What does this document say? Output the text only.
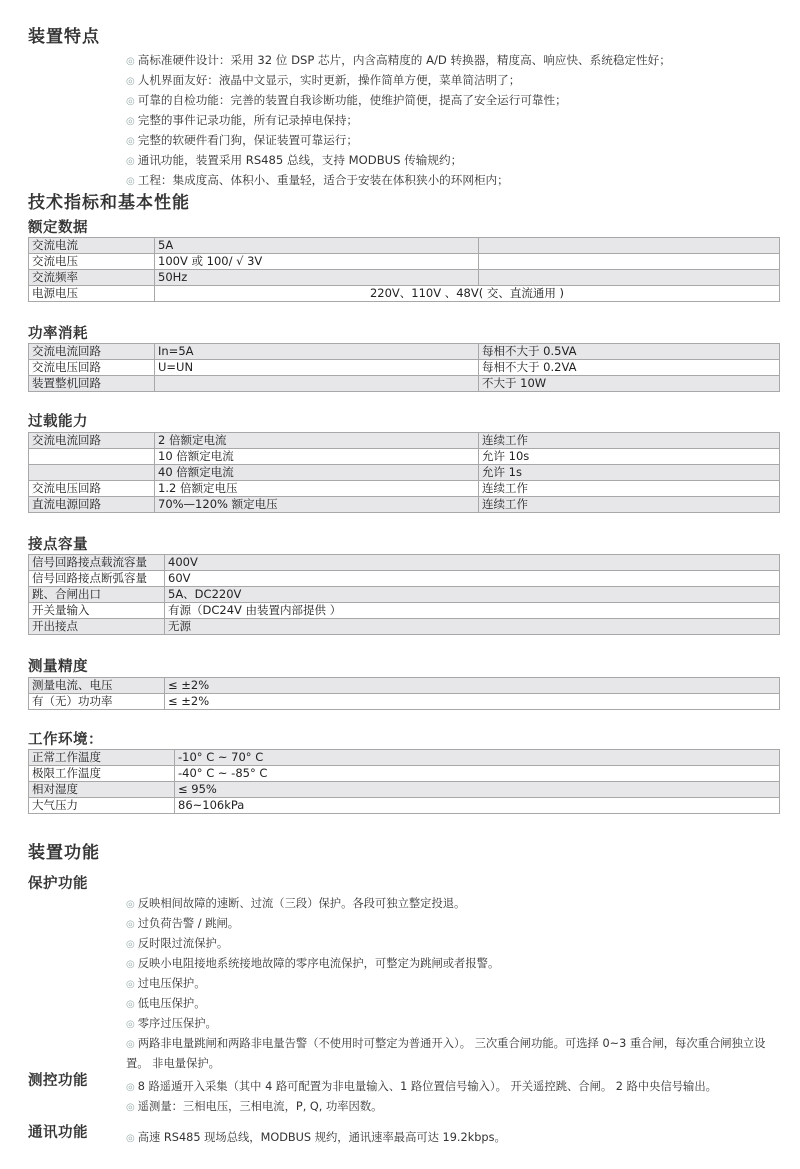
装置特点
◎ 高标准硬件设计：采用 32 位 DSP 芯片，内含高精度的 A/D 转换器，精度高、响应快、系统稳定性好；
◎ 人机界面友好：液晶中文显示，实时更新，操作简单方便，菜单简洁明了；
◎ 可靠的自检功能：完善的装置自我诊断功能，使维护简便，提高了安全运行可靠性；
◎ 完整的事件记录功能，所有记录掉电保持；
◎ 完整的软硬件看门狗，保证装置可靠运行；
◎ 通讯功能，装置采用 RS485 总线，支持 MODBUS 传输规约；
◎ 工程：集成度高、体积小、重量轻，适合于安装在体积狭小的环网柜内；
技术指标和基本性能
额定数据
交流电流	5A	
交流电压	100V 或 100/ √ 3V	
交流频率	50Hz	
电源电压	220V、110V 、48V( 交、直流通用 )	
功率消耗
交流电流回路	In=5A	每相不大于 0.5VA
交流电压回路	U=UN	每相不大于 0.2VA
装置整机回路		不大于 10W
过载能力
交流电流回路	2 倍额定电流	连续工作
	10 倍额定电流	允许 10s
	40 倍额定电流	允许 1s
交流电压回路	1.2 倍额定电压	连续工作
直流电源回路	70%—120% 额定电压	连续工作
接点容量
信号回路接点载流容量	400V
信号回路接点断弧容量	60V
跳、合闸出口	5A、DC220V
开关量输入	有源（DC24V 由装置内部提供 ）
开出接点	无源
测量精度
测量电流、电压	≤ ±2%
有（无）功功率	≤ ±2%
工作环境：
正常工作温度	-10° C ~ 70° C
极限工作温度	-40° C ~ -85° C
相对湿度	≤ 95%
大气压力	86~106kPa
装置功能
保护功能
◎ 反映相间故障的速断、过流（三段）保护。各段可独立整定投退。
◎ 过负荷告警 / 跳闸。
◎ 反时限过流保护。
◎ 反映小电阻接地系统接地故障的零序电流保护，可整定为跳闸或者报警。
◎ 过电压保护。
◎ 低电压保护。
◎ 零序过压保护。
◎ 两路非电量跳闸和两路非电量告警（不使用时可整定为普通开入）。 三次重合闸功能。可选择 0~3 重合闸，每次重合闸独立设置。 非电量保护。
测控功能	◎ 8 路遥遁开入采集（其中 4 路可配置为非电量输入、1 路位置信号输入）。 开关遥控跳、合闸。 2 路中央信号输出。
◎ 遥测量：三相电压，三相电流，P, Q, 功率因数。
通讯功能	◎ 高速 RS485 现场总线，MODBUS 规约，通讯速率最高可达 19.2kbps。
